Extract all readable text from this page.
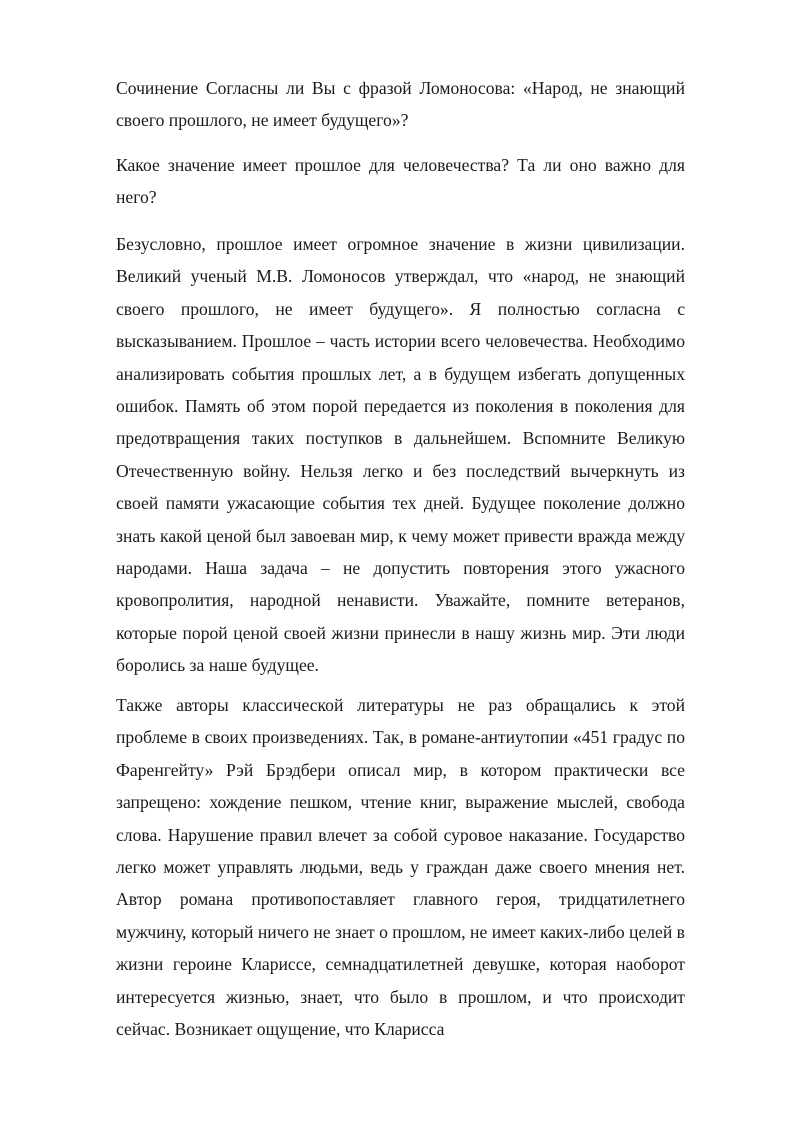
Сочинение Согласны ли Вы с фразой Ломоносова: «Народ, не знающий своего прошлого, не имеет будущего»?

Какое значение имеет прошлое для человечества? Та ли оно важно для него?

Безусловно, прошлое имеет огромное значение в жизни цивилизации. Великий ученый М.В. Ломоносов утверждал, что «народ, не знающий своего прошлого, не имеет будущего». Я полностью согласна с высказыванием. Прошлое – часть истории всего человечества. Необходимо анализировать события прошлых лет, а в будущем избегать допущенных ошибок. Память об этом порой передается из поколения в поколения для предотвращения таких поступков в дальнейшем. Вспомните Великую Отечественную войну. Нельзя легко и без последствий вычеркнуть из своей памяти ужасающие события тех дней. Будущее поколение должно знать какой ценой был завоеван мир, к чему может привести вражда между народами. Наша задача – не допустить повторения этого ужасного кровопролития, народной ненависти. Уважайте, помните ветеранов, которые порой ценой своей жизни принесли в нашу жизнь мир. Эти люди боролись за наше будущее.

Также авторы классической литературы не раз обращались к этой проблеме в своих произведениях. Так, в романе-антиутопии «451 градус по Фаренгейту» Рэй Брэдбери описал мир, в котором практически все запрещено: хождение пешком, чтение книг, выражение мыслей, свобода слова. Нарушение правил влечет за собой суровое наказание. Государство легко может управлять людьми, ведь у граждан даже своего мнения нет. Автор романа противопоставляет главного героя, тридцатилетнего мужчину, который ничего не знает о прошлом, не имеет каких-либо целей в жизни героине Клариссе, семнадцатилетней девушке, которая наоборот интересуется жизнью, знает, что было в прошлом, и что происходит сейчас. Возникает ощущение, что Кларисса
